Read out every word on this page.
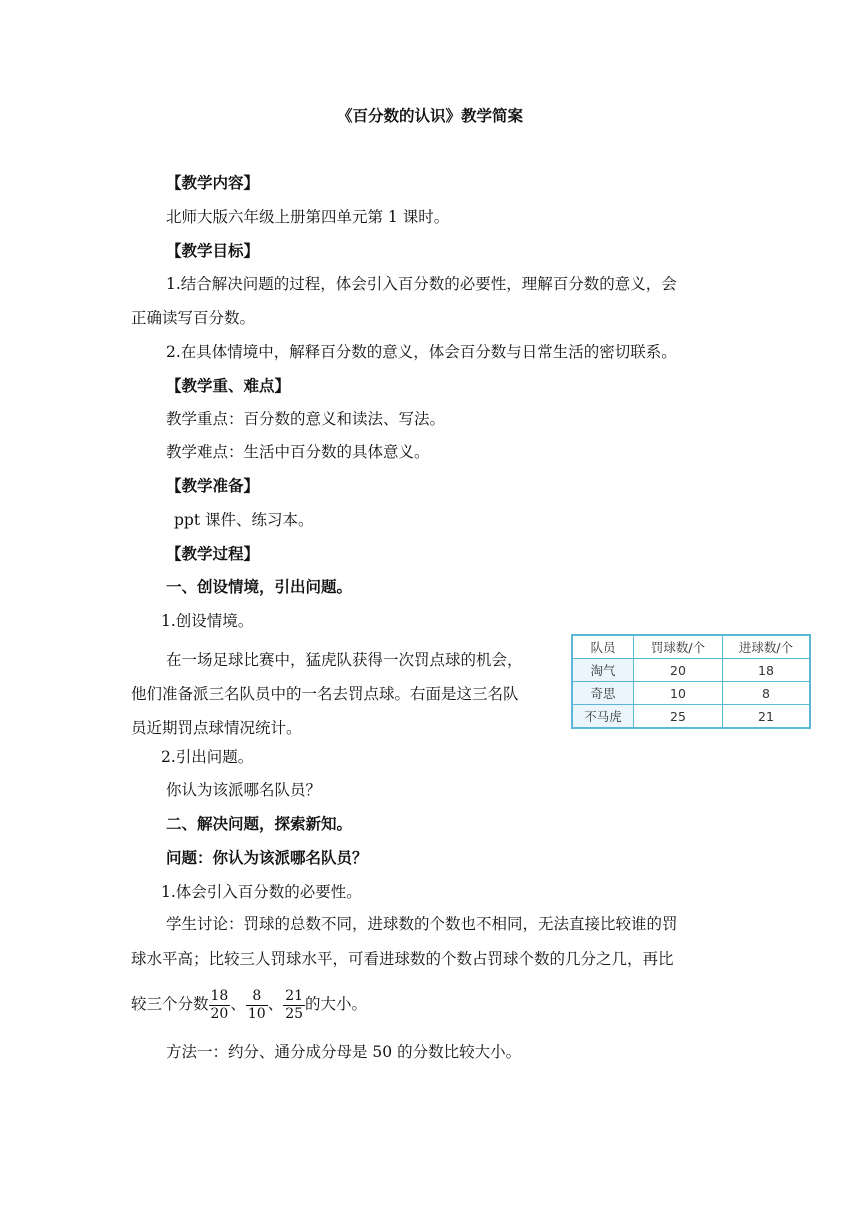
《百分数的认识》教学简案
【教学内容】
北师大版六年级上册第四单元第 1 课时。
【教学目标】
1.结合解决问题的过程，体会引入百分数的必要性，理解百分数的意义，会
正确读写百分数。
2.在具体情境中，解释百分数的意义，体会百分数与日常生活的密切联系。
【教学重、难点】
教学重点：百分数的意义和读法、写法。
教学难点：生活中百分数的具体意义。
【教学准备】
ppt 课件、练习本。
【教学过程】
一、创设情境，引出问题。
1.创设情境。
在一场足球比赛中，猛虎队获得一次罚点球的机会，
他们准备派三名队员中的一名去罚点球。右面是这三名队
员近期罚点球情况统计。
队员	罚球数/个	进球数/个
淘气	20	18
奇思	10	8
不马虎	25	21
2.引出问题。
你认为该派哪名队员？
二、解决问题，探索新知。
问题：你认为该派哪名队员？
1.体会引入百分数的必要性。
学生讨论：罚球的总数不同，进球数的个数也不相同，无法直接比较谁的罚
球水平高；比较三人罚球水平，可看进球数的个数占罚球个数的几分之几，再比
较三个分数 $\frac{18}{20}$ 、 $\frac{8}{10}$ 、 $\frac{21}{25}$ 的大小。
方法一：约分、通分成分母是 50 的分数比较大小。
